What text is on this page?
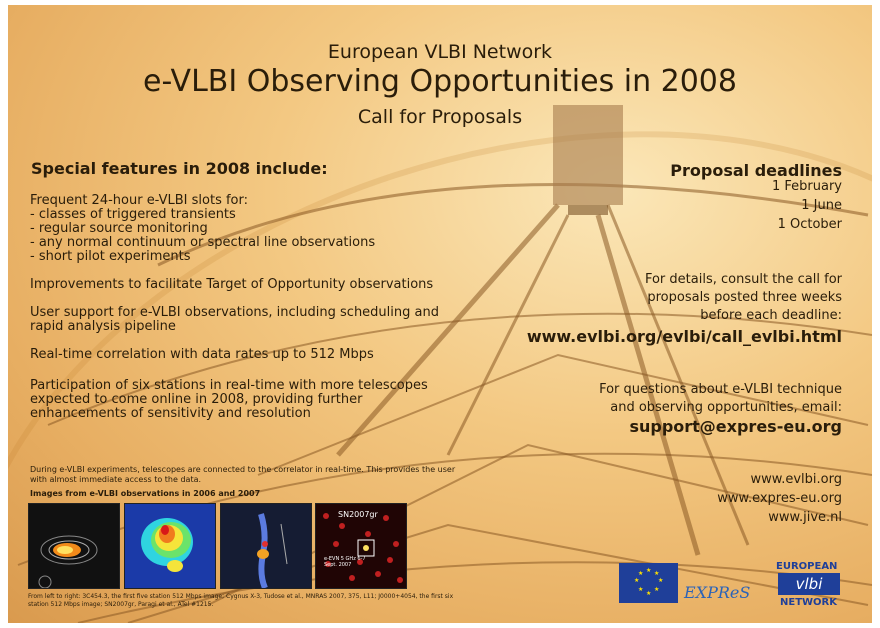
European VLBI Network
e-VLBI Observing Opportunities in 2008
Call for Proposals
Special features in 2008 include:
Frequent 24-hour e-VLBI slots for:
- classes of triggered transients
- regular source monitoring
- any normal continuum or spectral line observations
- short pilot experiments
Improvements to facilitate Target of Opportunity observations
User support for e-VLBI observations, including scheduling and rapid analysis pipeline
Real-time correlation with data rates up to 512 Mbps
Participation of six stations in real-time with more telescopes expected to come online in 2008, providing further enhancements of sensitivity and resolution
Proposal deadlines
1 February
1 June
1 October
For details, consult the call for proposals posted three weeks before each deadline:
www.evlbi.org/evlbi/call_evlbi.html
For questions about e-VLBI technique and observing opportunities, email:
support@expres-eu.org
www.evlbi.org
www.expres-eu.org
www.jive.nl
During e-VLBI experiments, telescopes are connected to the correlator in real-time. This provides the user with almost immediate access to the data.
Images from e-VLBI observations in 2006 and 2007
SN2007gr
e-EVN 5 GHz 6-7 Sept. 2007
From left to right: 3C454.3, the first five station 512 Mbps image; Cygnus X-3, Tudose et al., MNRAS 2007, 375, L11; J0000+4054, the first six station 512 Mbps image; SN2007gr, Paragi et al., ATel #1215.
★ ★
★
★
★
★
★
★
EXPReS
EUROPEAN
vlbi
NETWORK
